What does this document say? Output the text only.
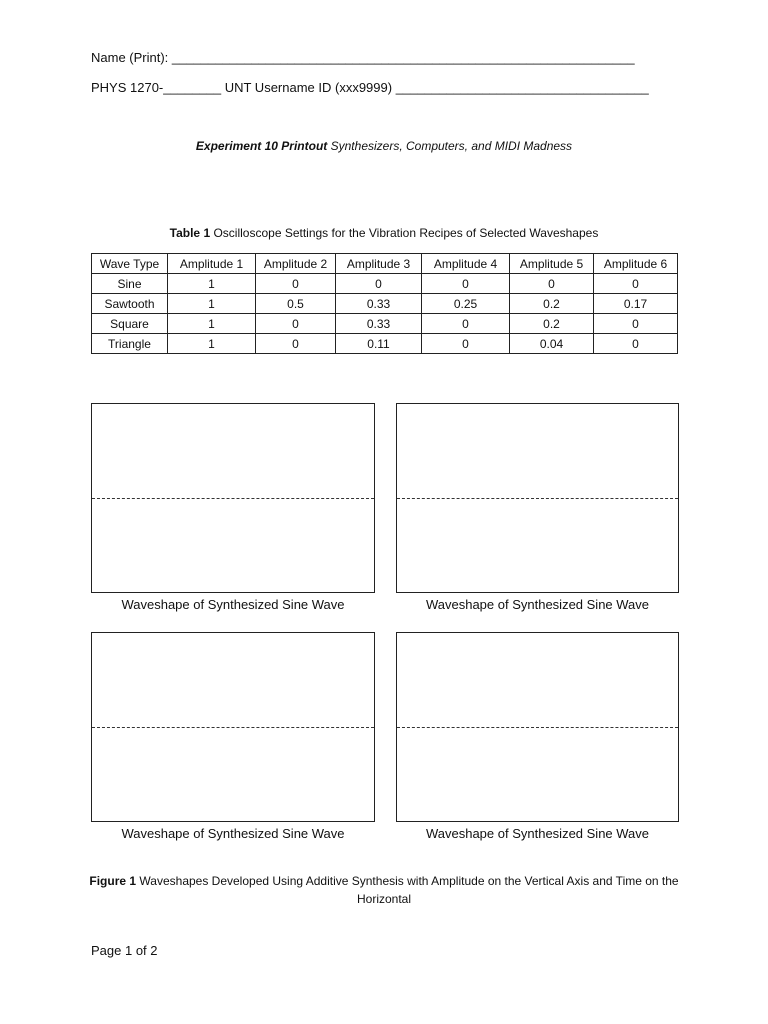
Name (Print): ________________________________________________________________
PHYS 1270-________ UNT Username ID (xxx9999) ___________________________________
Experiment 10 Printout Synthesizers, Computers, and MIDI Madness
Table 1 Oscilloscope Settings for the Vibration Recipes of Selected Waveshapes
Wave Type	Amplitude 1	Amplitude 2	Amplitude 3	Amplitude 4	Amplitude 5	Amplitude 6
Sine	1	0	0	0	0	0
Sawtooth	1	0.5	0.33	0.25	0.2	0.17
Square	1	0	0.33	0	0.2	0
Triangle	1	0	0.11	0	0.04	0
Waveshape of Synthesized Sine Wave	Waveshape of Synthesized Sine Wave
Waveshape of Synthesized Sine Wave	Waveshape of Synthesized Sine Wave
Figure 1 Waveshapes Developed Using Additive Synthesis with Amplitude on the Vertical Axis and Time on the Horizontal
Page 1 of 2
